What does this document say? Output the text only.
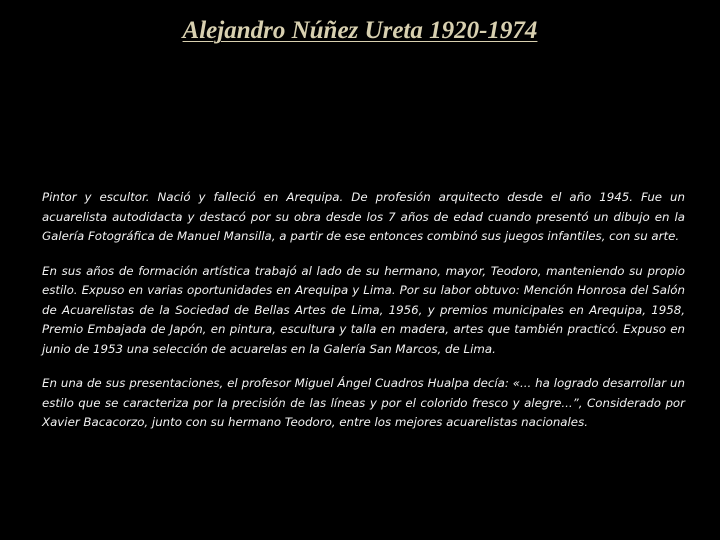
Alejandro Núñez Ureta 1920-1974

Pintor y escultor. Nació y falleció en Arequipa. De profesión arquitecto desde el año 1945. Fue un acuarelista autodidacta y destacó por su obra desde los 7 años de edad cuando presentó un dibujo en la Galería Fotográfica de Manuel Mansilla, a partir de ese entonces combinó sus juegos infantiles, con su arte.

En sus años de formación artística trabajó al lado de su hermano, mayor, Teodoro, manteniendo su propio estilo. Expuso en varias oportunidades en Arequipa y Lima. Por su labor obtuvo: Mención Honrosa del Salón de Acuarelistas de la Sociedad de Bellas Artes de Lima, 1956, y premios municipales en Arequipa, 1958, Premio Embajada de Japón, en pintura, escultura y talla en madera, artes que también practicó. Expuso en junio de 1953 una selección de acuarelas en la Galería San Marcos, de Lima.

En una de sus presentaciones, el profesor Miguel Ángel Cuadros Hualpa decía: «... ha logrado desarrollar un estilo que se caracteriza por la precisión de las líneas y por el colorido fresco y alegre...”, Considerado por Xavier Bacacorzo, junto con su hermano Teodoro, entre los mejores acuarelistas nacionales.
